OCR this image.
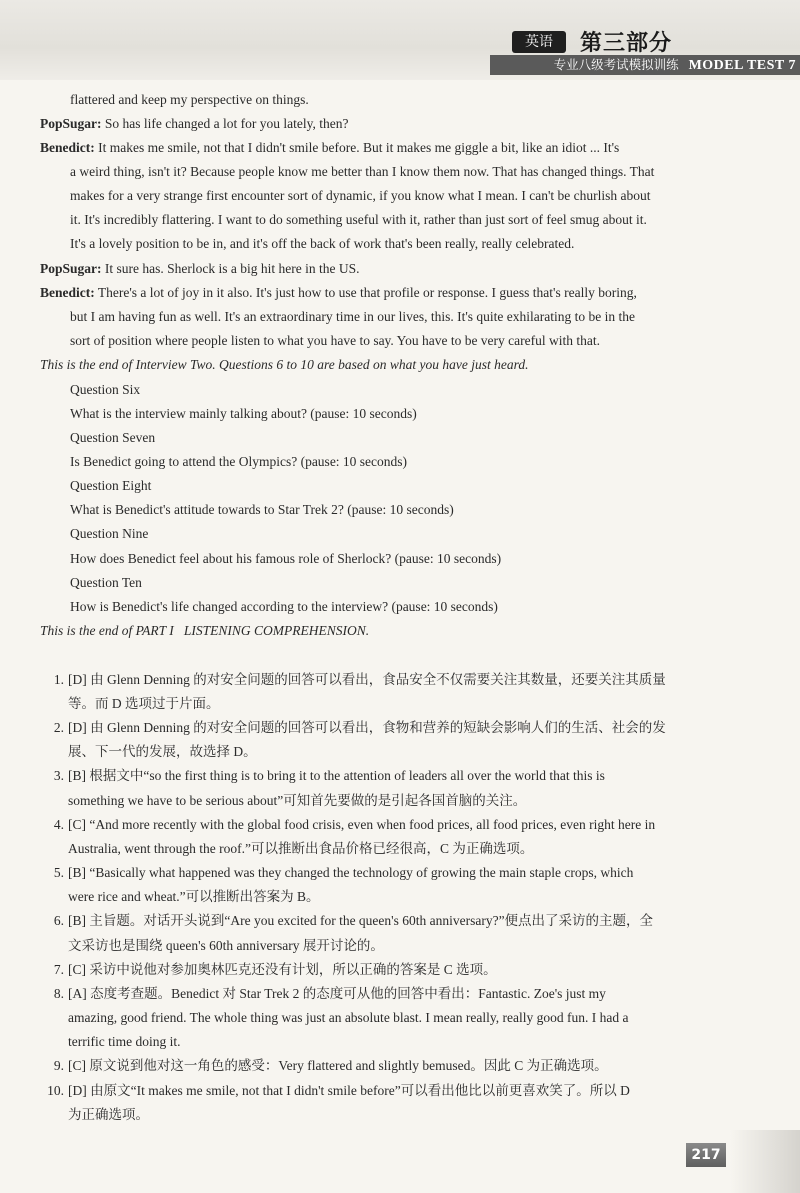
英语	第三部分
专业八级考试模拟训练 MODEL TEST 7
flattered and keep my perspective on things.
PopSugar: So has life changed a lot for you lately, then?
Benedict: It makes me smile, not that I didn't smile before. But it makes me giggle a bit, like an idiot ... It's
a weird thing, isn't it? Because people know me better than I know them now. That has changed things. That
makes for a very strange first encounter sort of dynamic, if you know what I mean. I can't be churlish about
it. It's incredibly flattering. I want to do something useful with it, rather than just sort of feel smug about it.
It's a lovely position to be in, and it's off the back of work that's been really, really celebrated.
PopSugar: It sure has. Sherlock is a big hit here in the US.
Benedict: There's a lot of joy in it also. It's just how to use that profile or response. I guess that's really boring,
but I am having fun as well. It's an extraordinary time in our lives, this. It's quite exhilarating to be in the
sort of position where people listen to what you have to say. You have to be very careful with that.
This is the end of Interview Two. Questions 6 to 10 are based on what you have just heard.
Question Six
What is the interview mainly talking about? (pause: 10 seconds)
Question Seven
Is Benedict going to attend the Olympics? (pause: 10 seconds)
Question Eight
What is Benedict's attitude towards to Star Trek 2? (pause: 10 seconds)
Question Nine
How does Benedict feel about his famous role of Sherlock? (pause: 10 seconds)
Question Ten
How is Benedict's life changed according to the interview? (pause: 10 seconds)
This is the end of PART I   LISTENING COMPREHENSION.
1. [D] 由 Glenn Denning 的对安全问题的回答可以看出，食品安全不仅需要关注其数量，还要关注其质量
等。而 D 选项过于片面。
2. [D] 由 Glenn Denning 的对安全问题的回答可以看出，食物和营养的短缺会影响人们的生活、社会的发
展、下一代的发展，故选择 D。
3. [B] 根据文中“so the first thing is to bring it to the attention of leaders all over the world that this is
something we have to be serious about”可知首先要做的是引起各国首脑的关注。
4. [C] “And more recently with the global food crisis, even when food prices, all food prices, even right here in
Australia, went through the roof.”可以推断出食品价格已经很高，C 为正确选项。
5. [B] “Basically what happened was they changed the technology of growing the main staple crops, which
were rice and wheat.”可以推断出答案为 B。
6. [B] 主旨题。对话开头说到“Are you excited for the queen's 60th anniversary?”便点出了采访的主题，全
文采访也是围绕 queen's 60th anniversary 展开讨论的。
7. [C] 采访中说他对参加奥林匹克还没有计划，所以正确的答案是 C 选项。
8. [A] 态度考查题。Benedict 对 Star Trek 2 的态度可从他的回答中看出：Fantastic. Zoe's just my
amazing, good friend. The whole thing was just an absolute blast. I mean really, really good fun. I had a
terrific time doing it.
9. [C] 原文说到他对这一角色的感受：Very flattered and slightly bemused。因此 C 为正确选项。
10. [D] 由原文“It makes me smile, not that I didn't smile before”可以看出他比以前更喜欢笑了。所以 D
为正确选项。
217
